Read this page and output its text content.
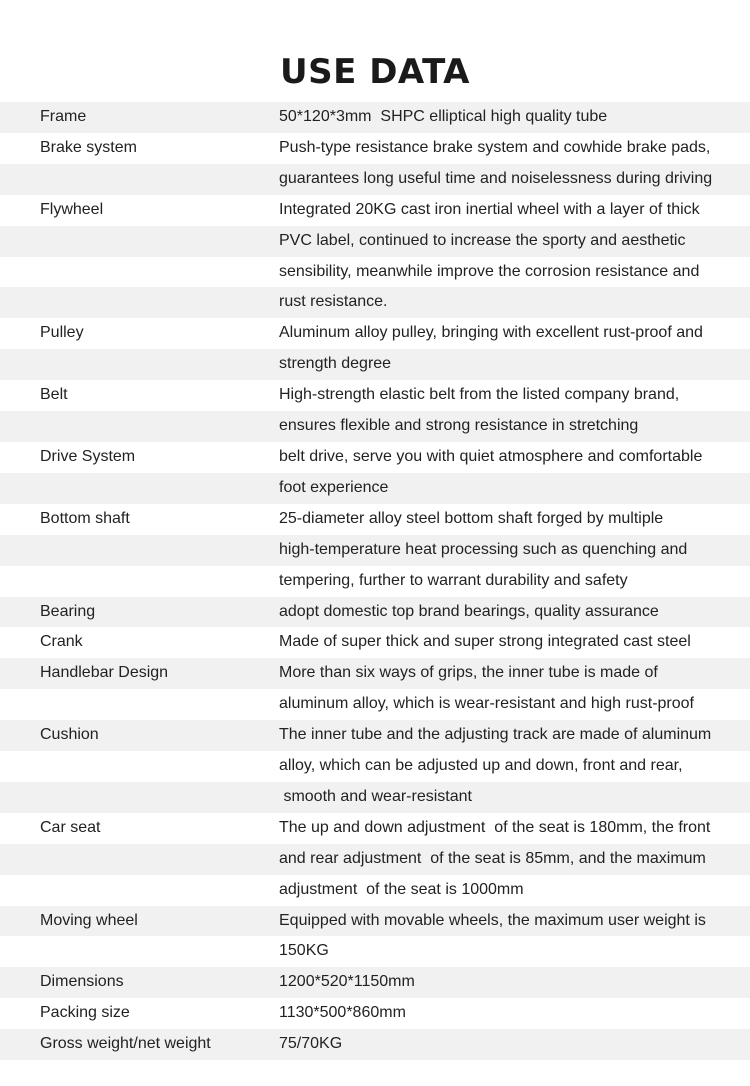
USE DATA
Frame	50*120*3mm  SHPC elliptical high quality tube
Brake system	Push-type resistance brake system and cowhide brake pads,
guarantees long useful time and noiselessness during driving
Flywheel	Integrated 20KG cast iron inertial wheel with a layer of thick
PVC label, continued to increase the sporty and aesthetic
sensibility, meanwhile improve the corrosion resistance and
rust resistance.
Pulley	Aluminum alloy pulley, bringing with excellent rust-proof and
strength degree
Belt	High-strength elastic belt from the listed company brand,
ensures flexible and strong resistance in stretching
Drive System	belt drive, serve you with quiet atmosphere and comfortable
foot experience
Bottom shaft	25-diameter alloy steel bottom shaft forged by multiple
high-temperature heat processing such as quenching and
tempering, further to warrant durability and safety
Bearing	adopt domestic top brand bearings, quality assurance
Crank	Made of super thick and super strong integrated cast steel
Handlebar Design	More than six ways of grips, the inner tube is made of
aluminum alloy, which is wear-resistant and high rust-proof
Cushion	The inner tube and the adjusting track are made of aluminum
alloy, which can be adjusted up and down, front and rear,
smooth and wear-resistant
Car seat	The up and down adjustment  of the seat is 180mm, the front
and rear adjustment  of the seat is 85mm, and the maximum
adjustment  of the seat is 1000mm
Moving wheel	Equipped with movable wheels, the maximum user weight is
150KG
Dimensions	1200*520*1150mm
Packing size	1130*500*860mm
Gross weight/net weight	75/70KG
